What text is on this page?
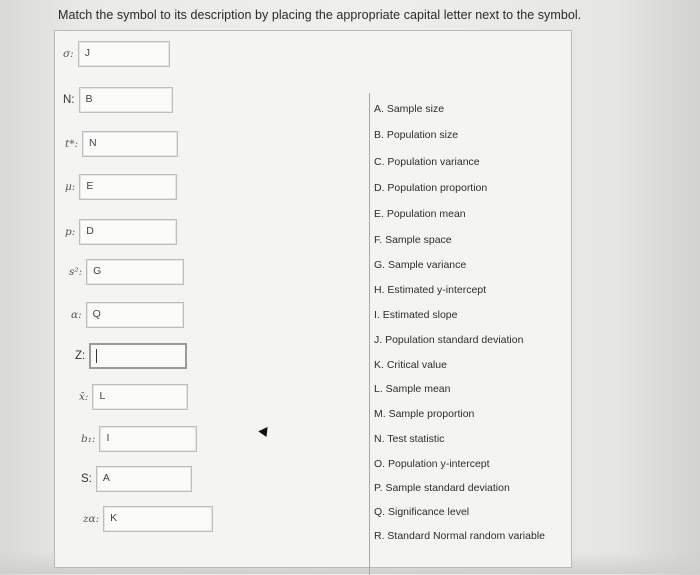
Match the symbol to its description by placing the appropriate capital letter next to the symbol.
σ:	J
N:	B
t*:	N
μ:	E
p:	D
s²:	G
α:	Q
Z:
x̄:	L
b₁:	I
S:	A
zα:	K
A. Sample size
B. Population size
C. Population variance
D. Population proportion
E. Population mean
F. Sample space
G. Sample variance
H. Estimated y-intercept
I. Estimated slope
J. Population standard deviation
K. Critical value
L. Sample mean
M. Sample proportion
N. Test statistic
O. Population y-intercept
P. Sample standard deviation
Q. Significance level
R. Standard Normal random variable
